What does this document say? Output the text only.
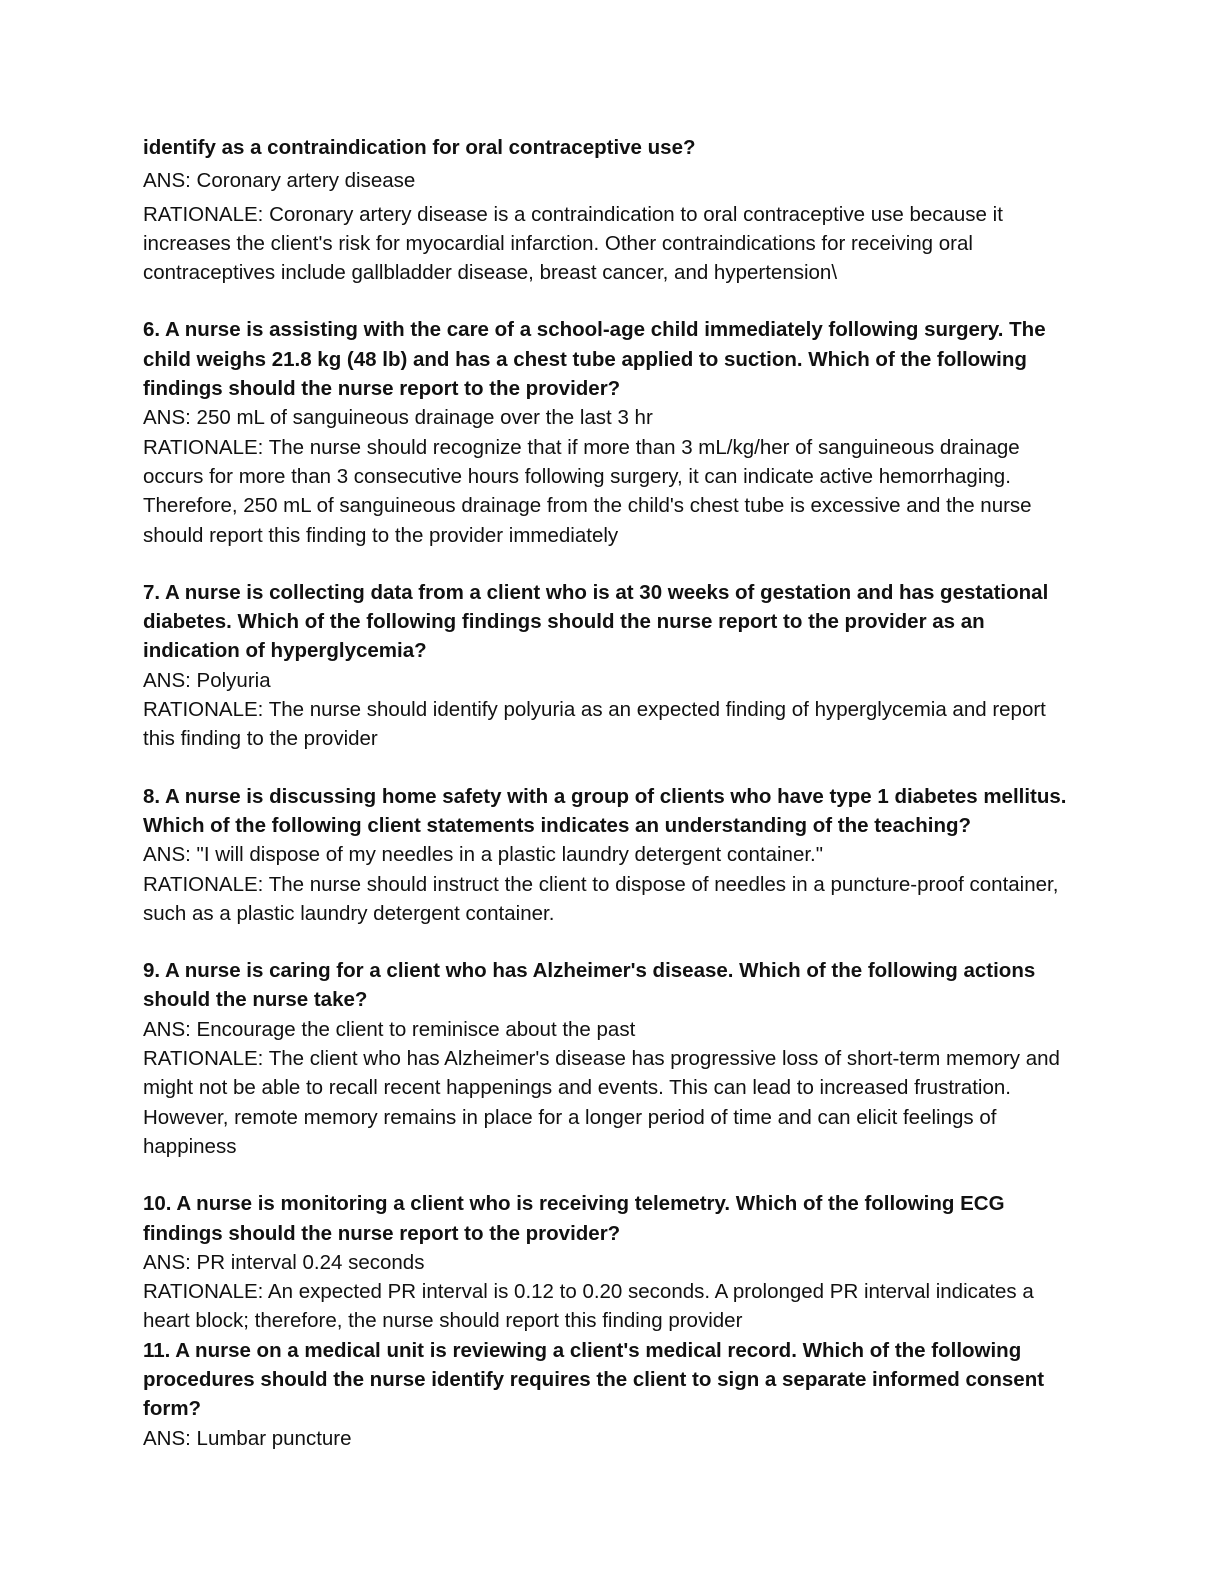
identify as a contraindication for oral contraceptive use?

ANS: Coronary artery disease

RATIONALE: Coronary artery disease is a contraindication to oral contraceptive use because it increases the client's risk for myocardial infarction. Other contraindications for receiving oral contraceptives include gallbladder disease, breast cancer, and hypertension\

6. A nurse is assisting with the care of a school-age child immediately following surgery. The child weighs 21.8 kg (48 lb) and has a chest tube applied to suction. Which of the following findings should the nurse report to the provider?

ANS: 250 mL of sanguineous drainage over the last 3 hr

RATIONALE: The nurse should recognize that if more than 3 mL/kg/her of sanguineous drainage occurs for more than 3 consecutive hours following surgery, it can indicate active hemorrhaging. Therefore, 250 mL of sanguineous drainage from the child's chest tube is excessive and the nurse should report this finding to the provider immediately

7. A nurse is collecting data from a client who is at 30 weeks of gestation and has gestational diabetes. Which of the following findings should the nurse report to the provider as an indication of hyperglycemia?

ANS: Polyuria

RATIONALE: The nurse should identify polyuria as an expected finding of hyperglycemia and report this finding to the provider

8. A nurse is discussing home safety with a group of clients who have type 1 diabetes mellitus. Which of the following client statements indicates an understanding of the teaching?

ANS: "I will dispose of my needles in a plastic laundry detergent container."

RATIONALE: The nurse should instruct the client to dispose of needles in a puncture-proof container, such as a plastic laundry detergent container.

9. A nurse is caring for a client who has Alzheimer's disease. Which of the following actions should the nurse take?

ANS: Encourage the client to reminisce about the past

RATIONALE: The client who has Alzheimer's disease has progressive loss of short-term memory and might not be able to recall recent happenings and events. This can lead to increased frustration. However, remote memory remains in place for a longer period of time and can elicit feelings of happiness

10. A nurse is monitoring a client who is receiving telemetry. Which of the following ECG findings should the nurse report to the provider?

ANS: PR interval 0.24 seconds

RATIONALE: An expected PR interval is 0.12 to 0.20 seconds. A prolonged PR interval indicates a heart block; therefore, the nurse should report this finding provider

11. A nurse on a medical unit is reviewing a client's medical record. Which of the following procedures should the nurse identify requires the client to sign a separate informed consent form?

ANS: Lumbar puncture
